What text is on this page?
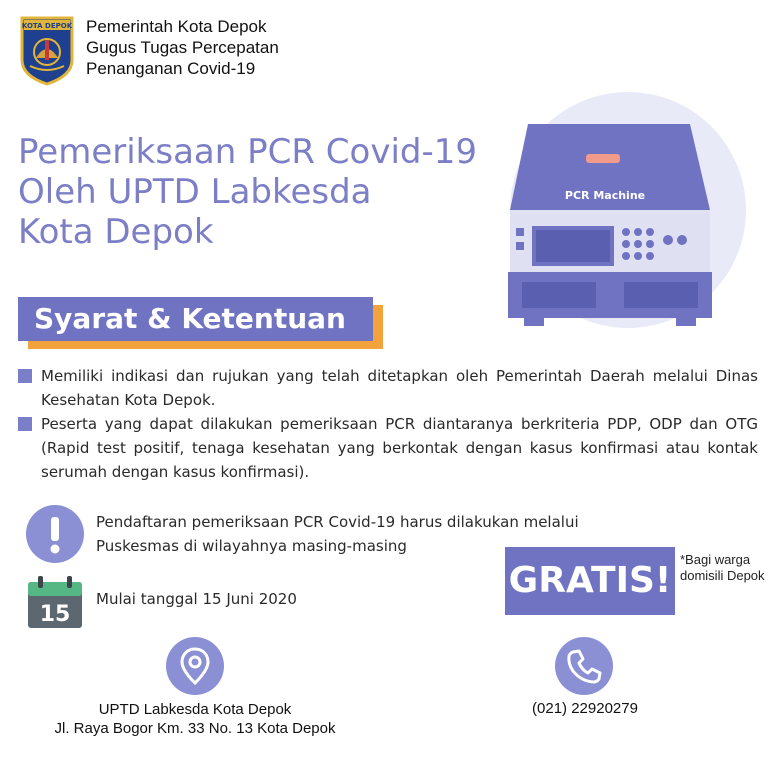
KOTA DEPOK Pemerintah Kota Depok
Gugus Tugas Percepatan
Penanganan Covid-19
Pemeriksaan PCR Covid-19
Oleh UPTD Labkesda
Kota Depok
PCR Machine
Syarat & Ketentuan
Memiliki indikasi dan rujukan yang telah ditetapkan oleh Pemerintah Daerah melalui Dinas Kesehatan Kota Depok.
Peserta yang dapat dilakukan pemeriksaan PCR diantaranya berkriteria PDP, ODP dan OTG (Rapid test positif, tenaga kesehatan yang berkontak dengan kasus konfirmasi atau kontak serumah dengan kasus konfirmasi).
Pendaftaran pemeriksaan PCR Covid-19 harus dilakukan melalui
Puskesmas di wilayahnya masing-masing
15
Mulai tanggal 15 Juni 2020	GRATIS!
*Bagi warga
domisili Depok
UPTD Labkesda Kota Depok
Jl. Raya Bogor Km. 33 No. 13 Kota Depok
(021) 22920279
